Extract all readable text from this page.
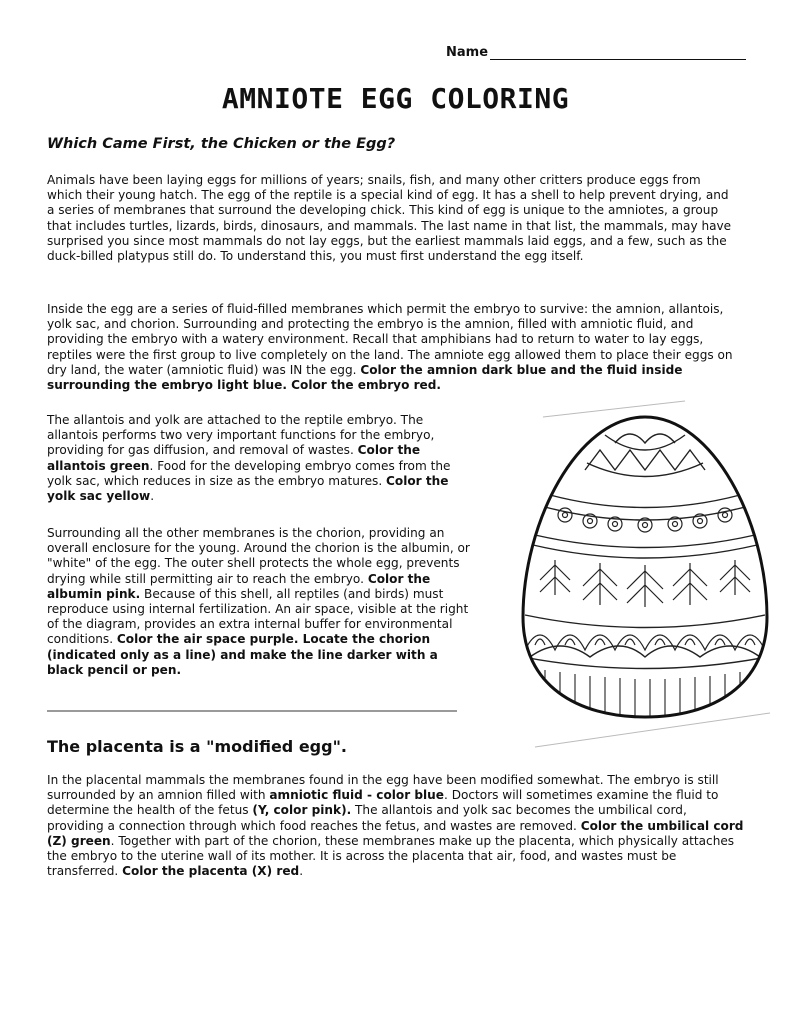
Name
AMNIOTE EGG COLORING
Which Came First, the Chicken or the Egg?

Animals have been laying eggs for millions of years; snails, fish, and many other critters produce eggs from which their young hatch. The egg of the reptile is a special kind of egg. It has a shell to help prevent drying, and a series of membranes that surround the developing chick. This kind of egg is unique to the amniotes, a group that includes turtles, lizards, birds, dinosaurs, and mammals. The last name in that list, the mammals, may have surprised you since most mammals do not lay eggs, but the earliest mammals laid eggs, and a few, such as the duck-billed platypus still do. To understand this, you must first understand the egg itself.

Inside the egg are a series of fluid-filled membranes which permit the embryo to survive: the amnion, allantois, yolk sac, and chorion. Surrounding and protecting the embryo is the amnion, filled with amniotic fluid, and providing the embryo with a watery environment. Recall that amphibians had to return to water to lay eggs, reptiles were the first group to live completely on the land. The amniote egg allowed them to place their eggs on dry land, the water (amniotic fluid) was IN the egg. Color the amnion dark blue and the fluid inside surrounding the embryo light blue. Color the embryo red.

The allantois and yolk are attached to the reptile embryo. The allantois performs two very important functions for the embryo, providing for gas diffusion, and removal of wastes. Color the allantois green. Food for the developing embryo comes from the yolk sac, which reduces in size as the embryo matures. Color the yolk sac yellow.

Surrounding all the other membranes is the chorion, providing an overall enclosure for the young. Around the chorion is the albumin, or "white" of the egg. The outer shell protects the whole egg, prevents drying while still permitting air to reach the embryo. Color the albumin pink. Because of this shell, all reptiles (and birds) must reproduce using internal fertilization. An air space, visible at the right of the diagram, provides an extra internal buffer for environmental conditions. Color the air space purple. Locate the chorion (indicated only as a line) and make the line darker with a black pencil or pen.

The placenta is a "modified egg".

In the placental mammals the membranes found in the egg have been modified somewhat. The embryo is still surrounded by an amnion filled with amniotic fluid - color blue. Doctors will sometimes examine the fluid to determine the health of the fetus (Y, color pink). The allantois and yolk sac becomes the umbilical cord, providing a connection through which food reaches the fetus, and wastes are removed. Color the umbilical cord (Z) green. Together with part of the chorion, these membranes make up the placenta, which physically attaches the embryo to the uterine wall of its mother. It is across the placenta that air, food, and wastes must be transferred. Color the placenta (X) red.
